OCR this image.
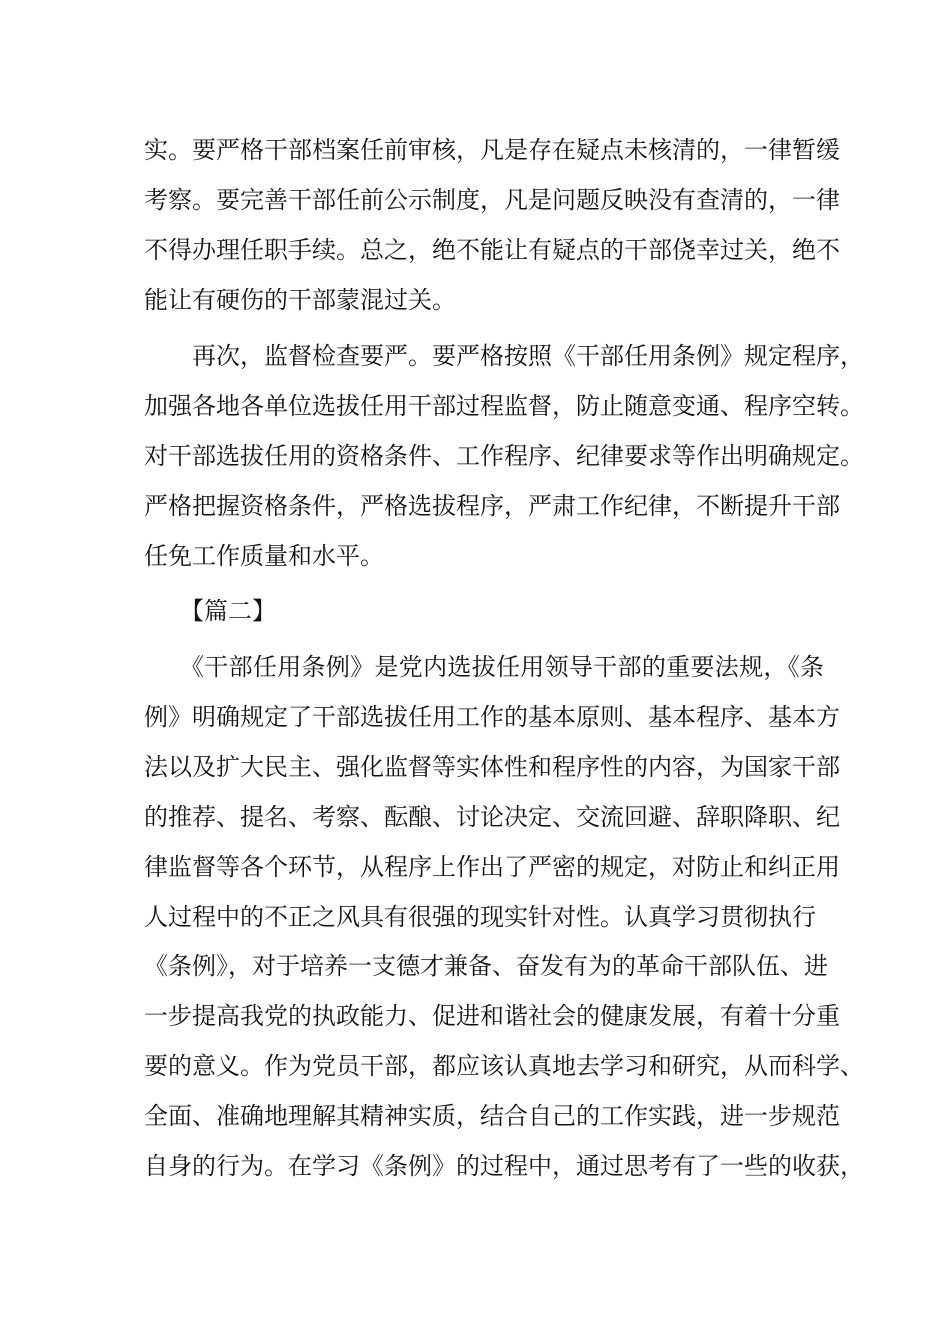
实。要严格干部档案任前审核，凡是存在疑点未核清的，一律暂缓
考察。要完善干部任前公示制度，凡是问题反映没有查清的，一律
不得办理任职手续。总之，绝不能让有疑点的干部侥幸过关，绝不
能让有硬伤的干部蒙混过关。
再次，监督检查要严。要严格按照《干部任用条例》规定程序，
加强各地各单位选拔任用干部过程监督，防止随意变通、程序空转。
对干部选拔任用的资格条件、工作程序、纪律要求等作出明确规定。
严格把握资格条件，严格选拔程序，严肃工作纪律，不断提升干部
任免工作质量和水平。
【篇二】
《干部任用条例》是党内选拔任用领导干部的重要法规，《条
例》明确规定了干部选拔任用工作的基本原则、基本程序、基本方
法以及扩大民主、强化监督等实体性和程序性的内容，为国家干部
的推荐、提名、考察、酝酿、讨论决定、交流回避、辞职降职、纪
律监督等各个环节，从程序上作出了严密的规定，对防止和纠正用
人过程中的不正之风具有很强的现实针对性。认真学习贯彻执行
《条例》，对于培养一支德才兼备、奋发有为的革命干部队伍、进
一步提高我党的执政能力、促进和谐社会的健康发展，有着十分重
要的意义。作为党员干部，都应该认真地去学习和研究，从而科学、
全面、准确地理解其精神实质，结合自己的工作实践，进一步规范
自身的行为。在学习《条例》的过程中，通过思考有了一些的收获，
